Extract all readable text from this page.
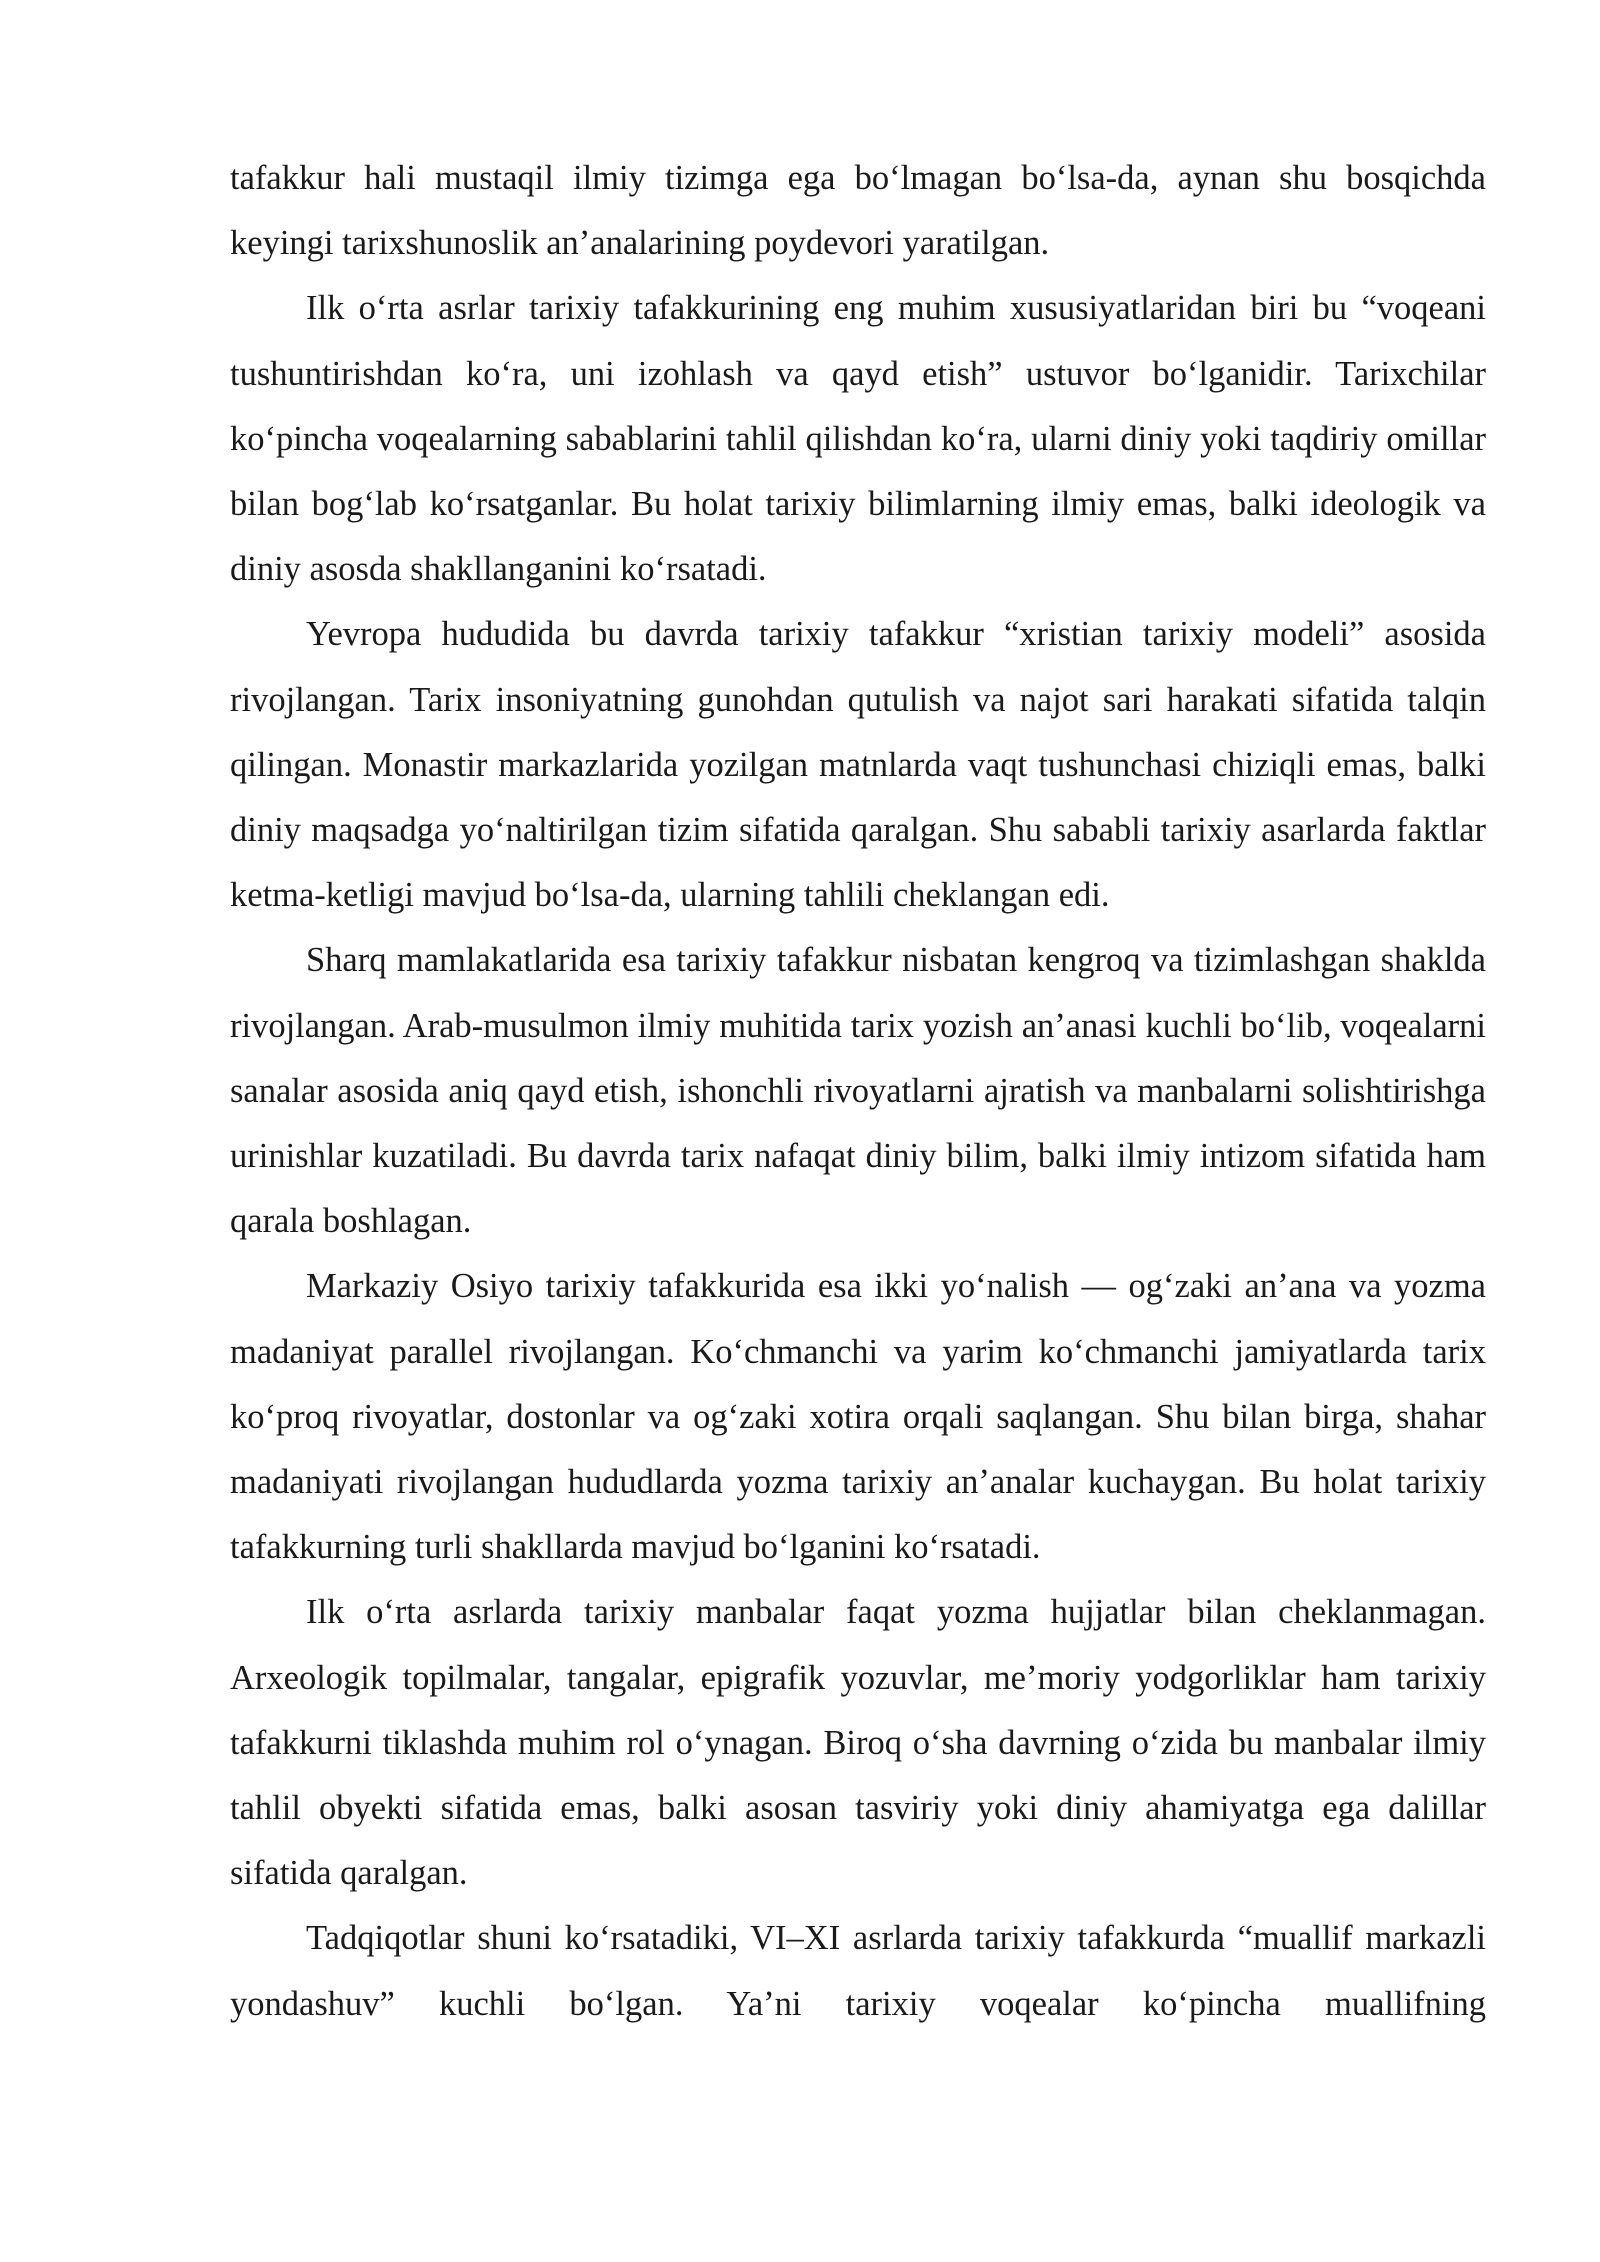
tafakkur hali mustaqil ilmiy tizimga ega boʻlmagan boʻlsa-da, aynan shu bosqichda keyingi tarixshunoslik anʼanalarining poydevori yaratilgan.

Ilk oʻrta asrlar tarixiy tafakkurining eng muhim xususiyatlaridan biri bu “voqeani tushuntirishdan koʻra, uni izohlash va qayd etish” ustuvor boʻlganidir. Tarixchilar koʻpincha voqealarning sabablarini tahlil qilishdan koʻra, ularni diniy yoki taqdiriy omillar bilan bogʻlab koʻrsatganlar. Bu holat tarixiy bilimlarning ilmiy emas, balki ideologik va diniy asosda shakllanganini koʻrsatadi.

Yevropa hududida bu davrda tarixiy tafakkur “xristian tarixiy modeli” asosida rivojlangan. Tarix insoniyatning gunohdan qutulish va najot sari harakati sifatida talqin qilingan. Monastir markazlarida yozilgan matnlarda vaqt tushunchasi chiziqli emas, balki diniy maqsadga yoʻnaltirilgan tizim sifatida qaralgan. Shu sababli tarixiy asarlarda faktlar ketma-ketligi mavjud boʻlsa-da, ularning tahlili cheklangan edi.

Sharq mamlakatlarida esa tarixiy tafakkur nisbatan kengroq va tizimlashgan shaklda rivojlangan. Arab-musulmon ilmiy muhitida tarix yozish anʼanasi kuchli boʻlib, voqealarni sanalar asosida aniq qayd etish, ishonchli rivoyatlarni ajratish va manbalarni solishtirishga urinishlar kuzatiladi. Bu davrda tarix nafaqat diniy bilim, balki ilmiy intizom sifatida ham qarala boshlagan.

Markaziy Osiyo tarixiy tafakkurida esa ikki yoʻnalish — ogʻzaki anʼana va yozma madaniyat parallel rivojlangan. Koʻchmanchi va yarim koʻchmanchi jamiyatlarda tarix koʻproq rivoyatlar, dostonlar va ogʻzaki xotira orqali saqlangan. Shu bilan birga, shahar madaniyati rivojlangan hududlarda yozma tarixiy anʼanalar kuchaygan. Bu holat tarixiy tafakkurning turli shakllarda mavjud boʻlganini koʻrsatadi.

Ilk oʻrta asrlarda tarixiy manbalar faqat yozma hujjatlar bilan cheklanmagan. Arxeologik topilmalar, tangalar, epigrafik yozuvlar, meʼmoriy yodgorliklar ham tarixiy tafakkurni tiklashda muhim rol oʻynagan. Biroq oʻsha davrning oʻzida bu manbalar ilmiy tahlil obyekti sifatida emas, balki asosan tasviriy yoki diniy ahamiyatga ega dalillar sifatida qaralgan.

Tadqiqotlar shuni koʻrsatadiki, VI–XI asrlarda tarixiy tafakkurda “muallif markazli yondashuv” kuchli boʻlgan. Yaʼni tarixiy voqealar koʻpincha muallifning
